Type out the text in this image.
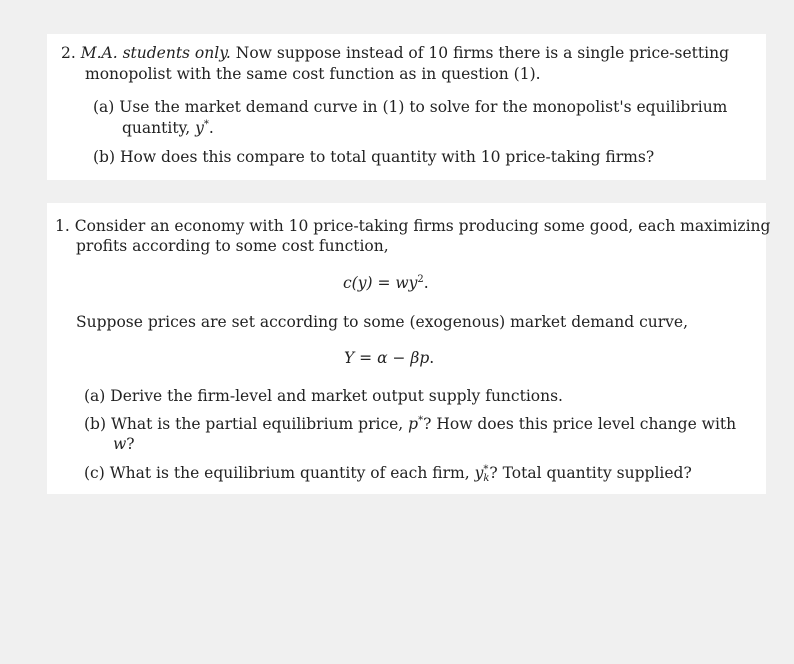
2. M.A. students only. Now suppose instead of 10 firms there is a single price-setting
monopolist with the same cost function as in question (1).
(a) Use the market demand curve in (1) to solve for the monopolist's equilibrium
quantity, y*.
(b) How does this compare to total quantity with 10 price-taking firms?
1. Consider an economy with 10 price-taking firms producing some good, each maximizing
profits according to some cost function,
$c(y) = wy^2$.
Suppose prices are set according to some (exogenous) market demand curve,
Y = α − βp.
(a) Derive the firm-level and market output supply functions.
(b) What is the partial equilibrium price, p*? How does this price level change with
w?
(c) What is the equilibrium quantity of each firm, $y^*_k$? Total quantity supplied?
